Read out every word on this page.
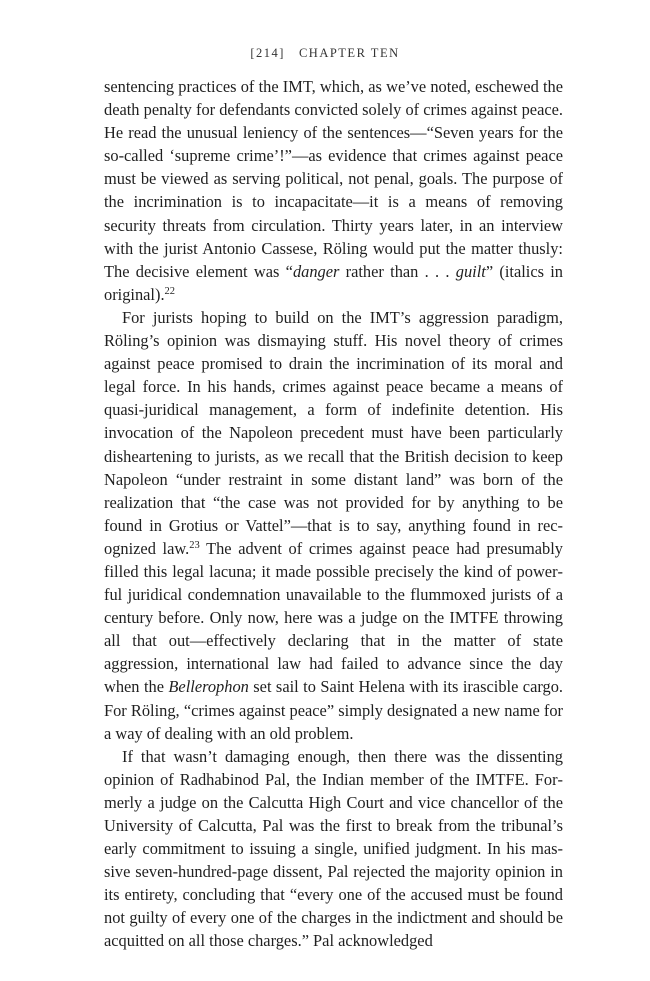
[214] CHAPTER TEN

sentencing practices of the IMT, which, as we’ve noted, eschewed the death penalty for defendants convicted solely of crimes against peace. He read the unusual leniency of the sentences—“Seven years for the so-called ‘supreme crime’!”—as evidence that crimes against peace must be viewed as serving political, not penal, goals. The purpose of the incrimination is to incapacitate—it is a means of removing security threats from circulation. Thirty years later, in an interview with the jurist Antonio Cassese, Röling would put the matter thusly: The decisive element was “danger rather than . . . guilt” (italics in original).$^{22}$

For jurists hoping to build on the IMT’s aggression paradigm, Röling’s opinion was dismaying stuff. His novel theory of crimes against peace promised to drain the incrimination of its moral and legal force. In his hands, crimes against peace became a means of quasi-juridical management, a form of indefinite detention. His invocation of the Napoleon precedent must have been particularly disheartening to jurists, as we recall that the British decision to keep Napoleon “under restraint in some distant land” was born of the realization that “the case was not provided for by anything to be found in Grotius or Vattel”—that is to say, anything found in recognized law.$^{23}$ The advent of crimes against peace had presumably filled this legal lacuna; it made possible precisely the kind of powerful juridical condemnation unavailable to the flummoxed jurists of a century before. Only now, here was a judge on the IMTFE throwing all that out—effectively declaring that in the matter of state aggression, international law had failed to advance since the day when the Bellerophon set sail to Saint Helena with its irascible cargo. For Röling, “crimes against peace” simply designated a new name for a way of dealing with an old problem.

If that wasn’t damaging enough, then there was the dissenting opinion of Radhabinod Pal, the Indian member of the IMTFE. Formerly a judge on the Calcutta High Court and vice chancellor of the University of Calcutta, Pal was the first to break from the tribunal’s early commitment to issuing a single, unified judgment. In his massive seven-hundred-page dissent, Pal rejected the majority opinion in its entirety, concluding that “every one of the accused must be found not guilty of every one of the charges in the indictment and should be acquitted on all those charges.” Pal acknowledged
